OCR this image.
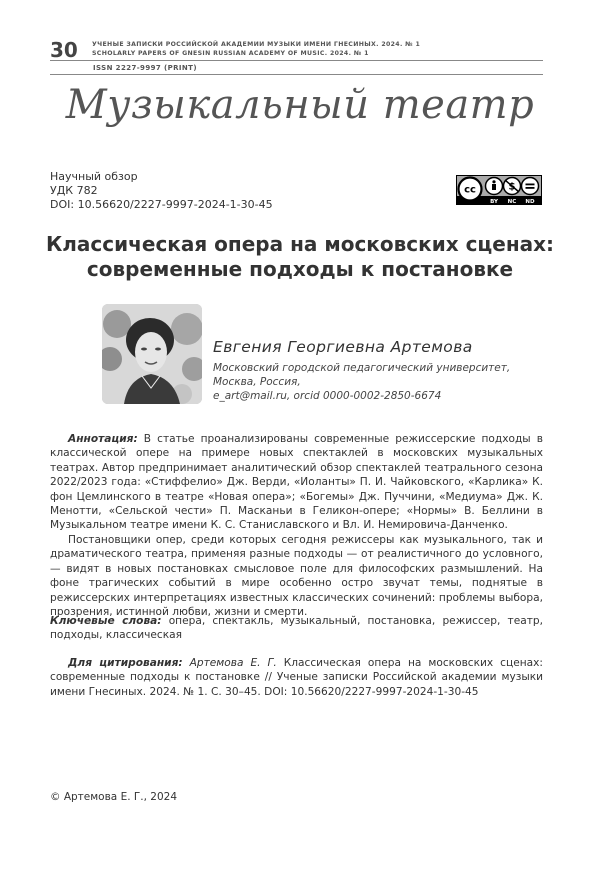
30 УЧЕНЫЕ ЗАПИСКИ РОССИЙСКОЙ АКАДЕМИИ МУЗЫКИ ИМЕНИ ГНЕСИНЫХ. 2024. № 1
SCHOLARLY PAPERS OF GNESIN RUSSIAN ACADEMY OF MUSIC. 2024. № 1
ISSN 2227-9997 (PRINT)
Музыкальный театр
Научный обзор
УДК 782
DOI: 10.56620/2227-9997-2024-1-30-45
cc	$
BY NC ND
Классическая опера на московских сценах:
современные подходы к постановке
Евгения Георгиевна Артемова
Московский городской педагогический университет,
Москва, Россия,
e_art@mail.ru, orcid 0000-0002-2850-6674
Аннотация: В статье проанализированы современные режиссерские подходы в классической опере на примере новых спектаклей в московских музыкальных театрах. Автор предпринимает аналитический обзор спектаклей театрального сезона 2022/2023 года: «Стиффелио» Дж. Верди, «Иоланты» П. И. Чайковского, «Карлика» К. фон Цемлинского в театре «Новая опера»; «Богемы» Дж. Пуччини, «Медиума» Дж. К. Менотти, «Сельской чести» П. Масканьи в Геликон-опере; «Нормы» В. Беллини в Музыкальном театре имени К. С. Станиславского и Вл. И. Немировича-Данченко.
Постановщики опер, среди которых сегодня режиссеры как музыкального, так и драматического театра, применяя разные подходы — от реалистичного до условного, — видят в новых постановках смысловое поле для философских размышлений. На фоне трагических событий в мире особенно остро звучат темы, поднятые в режиссерских интерпретациях известных классических сочинений: проблемы выбора, прозрения, истинной любви, жизни и смерти.
Ключевые слова: опера, спектакль, музыкальный, постановка, режиссер, театр, подходы, классическая
Для цитирования: Артемова Е. Г. Классическая опера на московских сценах: современные подходы к постановке // Ученые записки Российской академии музыки имени Гнесиных. 2024. № 1. С. 30–45. DOI: 10.56620/2227-9997-2024-1-30-45
© Артемова Е. Г., 2024
